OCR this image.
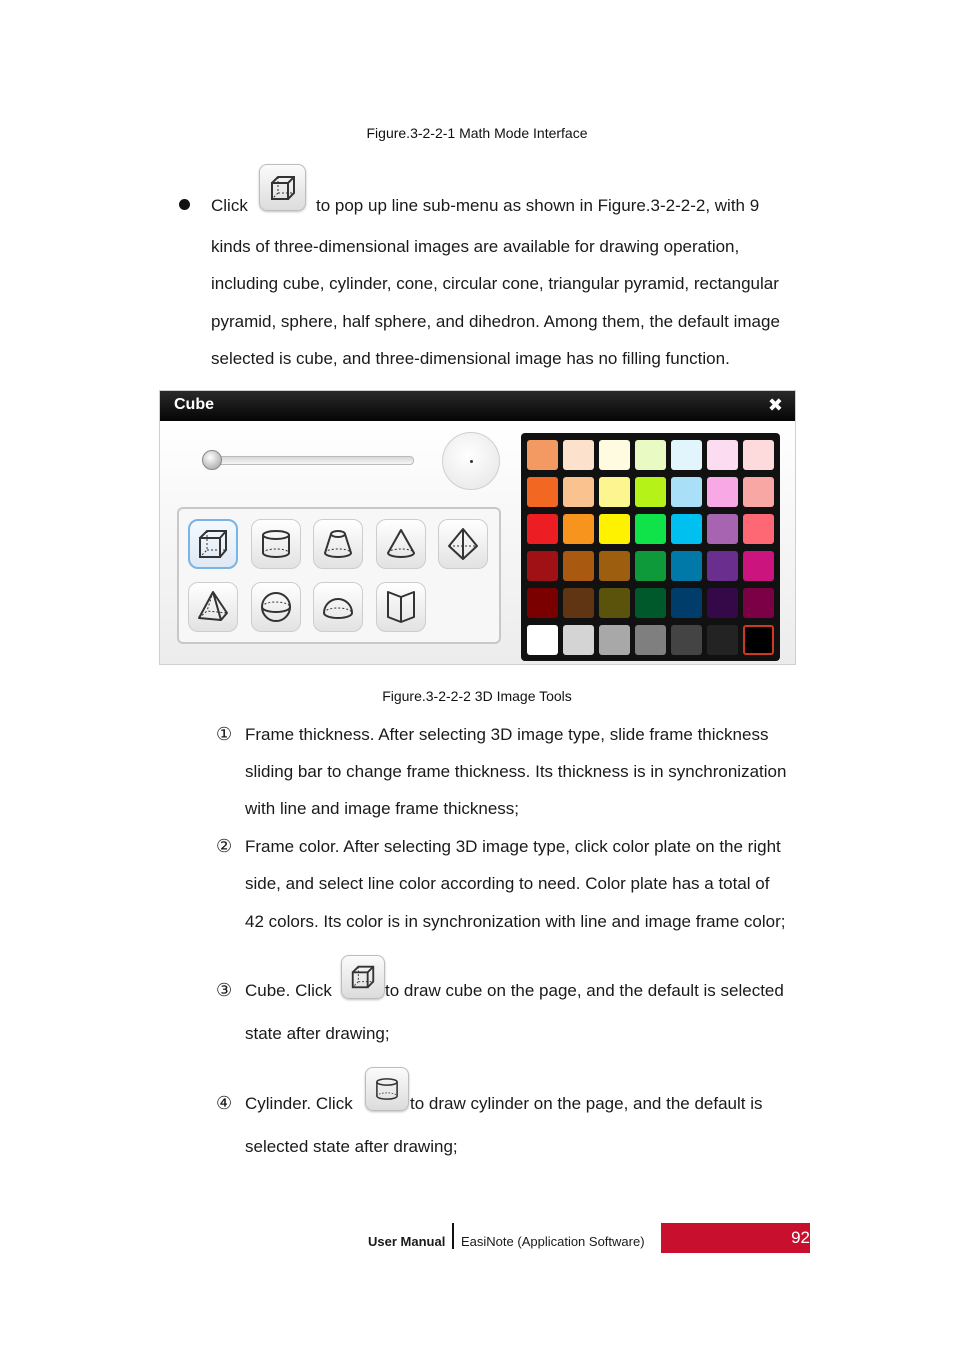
Figure.3-2-2-1 Math Mode Interface
Click	to pop up line sub-menu as shown in Figure.3-2-2-2, with 9
kinds of three-dimensional images are available for drawing operation,
including cube, cylinder, cone, circular cone, triangular pyramid, rectangular
pyramid, sphere, half sphere, and dihedron. Among them, the default image
selected is cube, and three-dimensional image has no filling function.
Cube	✖
Figure.3-2-2-2 3D Image Tools
① Frame thickness. After selecting 3D image type, slide frame thickness
sliding bar to change frame thickness. Its thickness is in synchronization
with line and image frame thickness;
② Frame color. After selecting 3D image type, click color plate on the right
side, and select line color according to need. Color plate has a total of
42 colors. Its color is in synchronization with line and image frame color;
③ Cube. Click	to draw cube on the page, and the default is selected
state after drawing;
④ Cylinder. Click	to draw cylinder on the page, and the default is
selected state after drawing;
User Manual EasiNote (Application Software)	92
